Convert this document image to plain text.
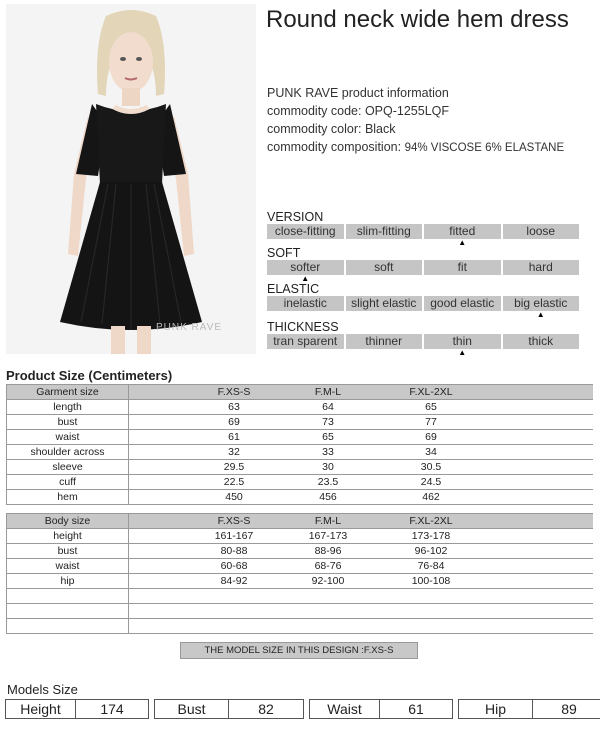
PUNK RAVE
Round neck wide hem dress
PUNK RAVE product information
commodity code: OPQ-1255LQF
commodity color: Black
commodity composition: 94% VISCOSE 6% ELASTANE
VERSION
close-fitting	slim-fitting	fitted	loose
▲
SOFT
softer	soft	fit	hard
▲
ELASTIC
inelastic	slight elastic	good elastic	big elastic
▲
THICKNESS
tran sparent	thinner	thin	thick
▲
Product Size (Centimeters)
Garment size	F.XS-S F.M-L F.XL-2XL

length	63 64 65

bust	69 73 77

waist	61 65 69

shoulder across	32 33 34

sleeve	29.5 30 30.5

cuff	22.5 23.5 24.5

hem	450 456 462
Body size	F.XS-S F.M-L F.XL-2XL

height	161-167 167-173 173-178

bust	80-88 88-96 96-102

waist	60-68 68-76 76-84

hip	84-92 92-100 100-108

THE MODEL SIZE IN THIS DESIGN :F.XS-S
Models Size
Height	174	Bust	82	Waist	61	Hip	89
